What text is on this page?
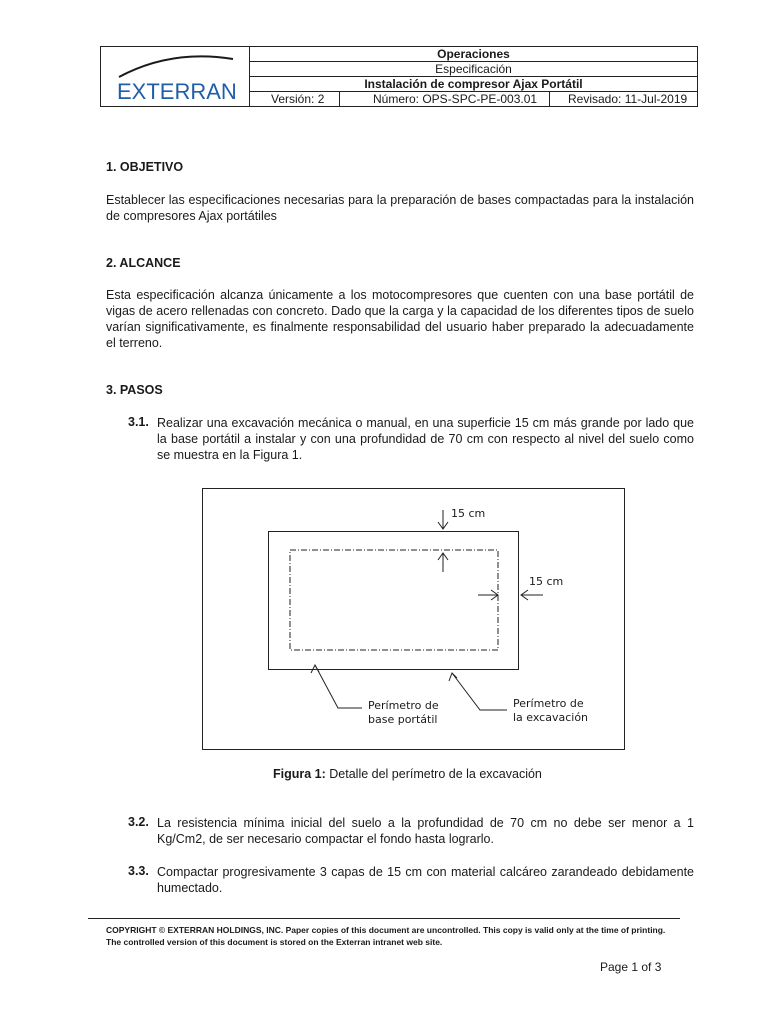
EXTERRAN
Operaciones
Especificación
Instalación de compresor Ajax Portátil
Versión: 2	Número: OPS-SPC-PE-003.01	Revisado: 11-Jul-2019
1. OBJETIVO
Establecer las especificaciones necesarias para la preparación de bases compactadas para la instalación de compresores Ajax portátiles
2. ALCANCE
Esta especificación alcanza únicamente a los motocompresores que cuenten con una base portátil de vigas de acero rellenadas con concreto. Dado que la carga y la capacidad de los diferentes tipos de suelo varían significativamente, es finalmente responsabilidad del usuario haber preparado la adecuadamente el terreno.
3. PASOS
3.1. Realizar una excavación mecánica o manual, en una superficie 15 cm más grande por lado que la base portátil a instalar y con una profundidad de 70 cm con respecto al nivel del suelo como se muestra en la Figura 1.
15 cm
15 cm
Perímetro de
base portátil
Perímetro de
la excavación
Figura 1: Detalle del perímetro de la excavación
3.2. La resistencia mínima inicial del suelo a la profundidad de 70 cm no debe ser menor a 1 Kg/Cm2, de ser necesario compactar el fondo hasta lograrlo.
3.3. Compactar progresivamente 3 capas de 15 cm con material calcáreo zarandeado debidamente humectado.
COPYRIGHT © EXTERRAN HOLDINGS, INC. Paper copies of this document are uncontrolled. This copy is valid only at the time of printing. The controlled version of this document is stored on the Exterran intranet web site.
Page 1 of 3
